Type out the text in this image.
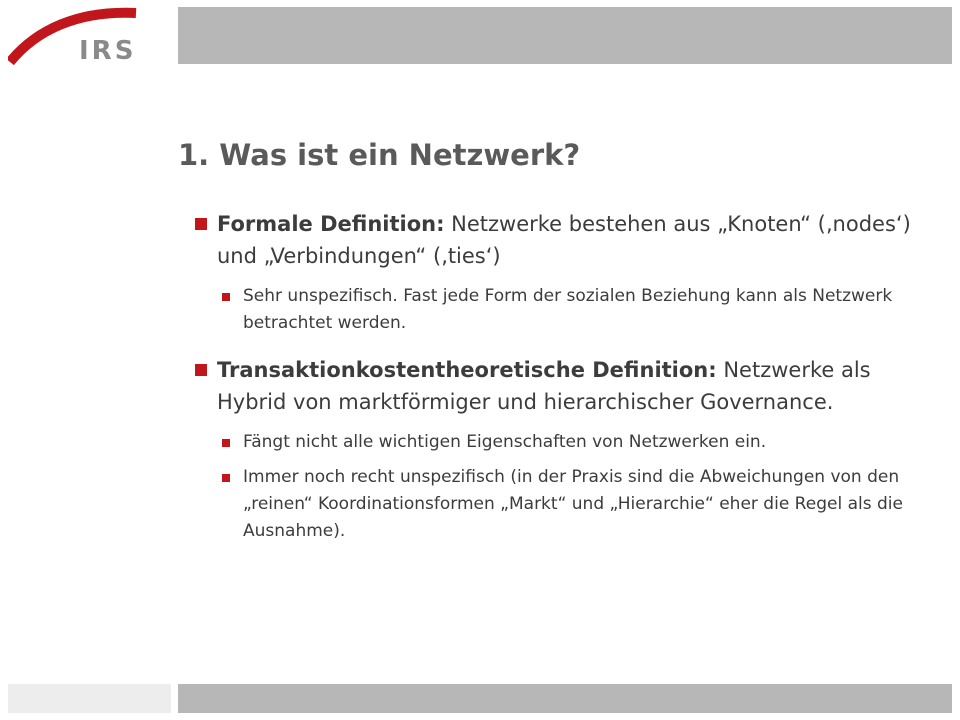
IRS
1. Was ist ein Netzwerk?
Formale Definition: Netzwerke bestehen aus „Knoten“ (‚nodes‘) und „Verbindungen“ (‚ties‘)
Sehr unspezifisch. Fast jede Form der sozialen Beziehung kann als Netzwerk betrachtet werden.
Transaktionkostentheoretische Definition: Netzwerke als Hybrid von marktförmiger und hierarchischer Governance.
Fängt nicht alle wichtigen Eigenschaften von Netzwerken ein.
Immer noch recht unspezifisch (in der Praxis sind die Abweichungen von den „reinen“ Koordinationsformen „Markt“ und „Hierarchie“ eher die Regel als die Ausnahme).
